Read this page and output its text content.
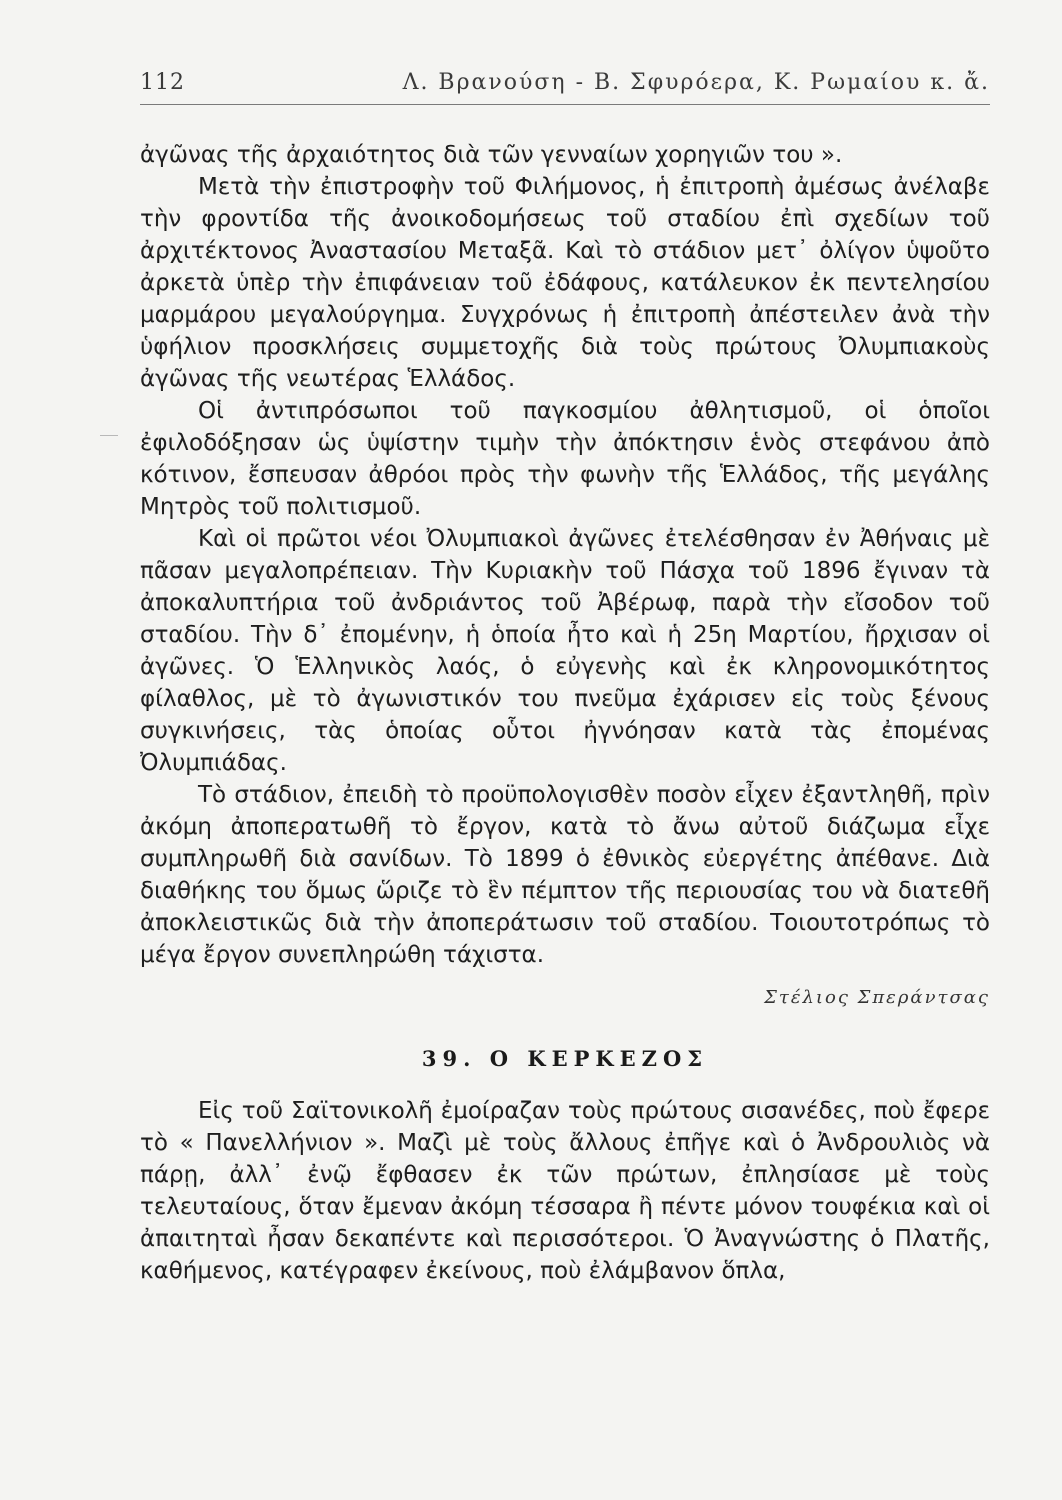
112	Λ. Βρανούση - Β. Σφυρόερα, Κ. Ρωμαίου κ. ἄ.

ἀγῶνας τῆς ἀρχαιότητος διὰ τῶν γενναίων χορηγιῶν του ».

Μετὰ τὴν ἐπιστροφὴν τοῦ Φιλήμονος, ἡ ἐπιτροπὴ ἀμέσως ἀνέλαβε τὴν φροντίδα τῆς ἀνοικοδομήσεως τοῦ σταδίου ἐπὶ σχεδίων τοῦ ἀρχιτέκτονος Ἀναστασίου Μεταξᾶ. Καὶ τὸ στάδιον μετ᾽ ὀλίγον ὑψοῦτο ἀρκετὰ ὑπὲρ τὴν ἐπιφάνειαν τοῦ ἐδάφους, κατάλευκον ἐκ πεντελησίου μαρμάρου μεγαλούργημα. Συγχρόνως ἡ ἐπιτροπὴ ἀπέστειλεν ἀνὰ τὴν ὑφήλιον προσκλήσεις συμμετοχῆς διὰ τοὺς πρώτους Ὀλυμπιακοὺς ἀγῶνας τῆς νεωτέρας Ἑλλάδος.

Οἱ ἀντιπρόσωποι τοῦ παγκοσμίου ἀθλητισμοῦ, οἱ ὁποῖοι ἐφιλοδόξησαν ὡς ὑψίστην τιμὴν τὴν ἀπόκτησιν ἑνὸς στεφάνου ἀπὸ κότινον, ἔσπευσαν ἀθρόοι πρὸς τὴν φωνὴν τῆς Ἑλλάδος, τῆς μεγάλης Μητρὸς τοῦ πολιτισμοῦ.

Καὶ οἱ πρῶτοι νέοι Ὀλυμπιακοὶ ἀγῶνες ἐτελέσθησαν ἐν Ἀθήναις μὲ πᾶσαν μεγαλοπρέπειαν. Τὴν Κυριακὴν τοῦ Πάσχα τοῦ 1896 ἔγιναν τὰ ἀποκαλυπτήρια τοῦ ἀνδριάντος τοῦ Ἀβέρωφ, παρὰ τὴν εἴσοδον τοῦ σταδίου. Τὴν δ᾽ ἐπομένην, ἡ ὁποία ἦτο καὶ ἡ 25η Μαρτίου, ἤρχισαν οἱ ἀγῶνες. Ὁ Ἑλληνικὸς λαός, ὁ εὐγενὴς καὶ ἐκ κληρονομικότητος φίλαθλος, μὲ τὸ ἀγωνιστικόν του πνεῦμα ἐχάρισεν εἰς τοὺς ξένους συγκινήσεις, τὰς ὁποίας οὗτοι ἠγνόησαν κατὰ τὰς ἐπομένας Ὀλυμπιάδας.

Τὸ στάδιον, ἐπειδὴ τὸ προϋπολογισθὲν ποσὸν εἶχεν ἐξαντληθῆ, πρὶν ἀκόμη ἀποπερατωθῆ τὸ ἔργον, κατὰ τὸ ἄνω αὐτοῦ διάζωμα εἶχε συμπληρωθῆ διὰ σανίδων. Τὸ 1899 ὁ ἐθνικὸς εὐεργέτης ἀπέθανε. Διὰ διαθήκης του ὅμως ὥριζε τὸ ἓν πέμπτον τῆς περιουσίας του νὰ διατεθῆ ἀποκλειστικῶς διὰ τὴν ἀποπεράτωσιν τοῦ σταδίου. Τοιουτοτρόπως τὸ μέγα ἔργον συνεπληρώθη τάχιστα.

Στέλιος Σπεράντσας

39. Ο ΚΕΡΚΕΖΟΣ

Εἰς τοῦ Σαϊτονικολῆ ἐμοίραζαν τοὺς πρώτους σισανέδες, ποὺ ἔφερε τὸ « Πανελλήνιον ». Μαζὶ μὲ τοὺς ἄλλους ἐπῆγε καὶ ὁ Ἀνδρουλιὸς νὰ πάρῃ, ἀλλ᾽ ἐνῷ ἔφθασεν ἐκ τῶν πρώτων, ἐπλησίασε μὲ τοὺς τελευταίους, ὅταν ἔμεναν ἀκόμη τέσσαρα ἢ πέντε μόνον τουφέκια καὶ οἱ ἀπαιτηταὶ ἦσαν δεκαπέντε καὶ περισσότεροι. Ὁ Ἀναγνώστης ὁ Πλατῆς, καθήμενος, κατέγραφεν ἐκείνους, ποὺ ἐλάμβανον ὅπλα,
